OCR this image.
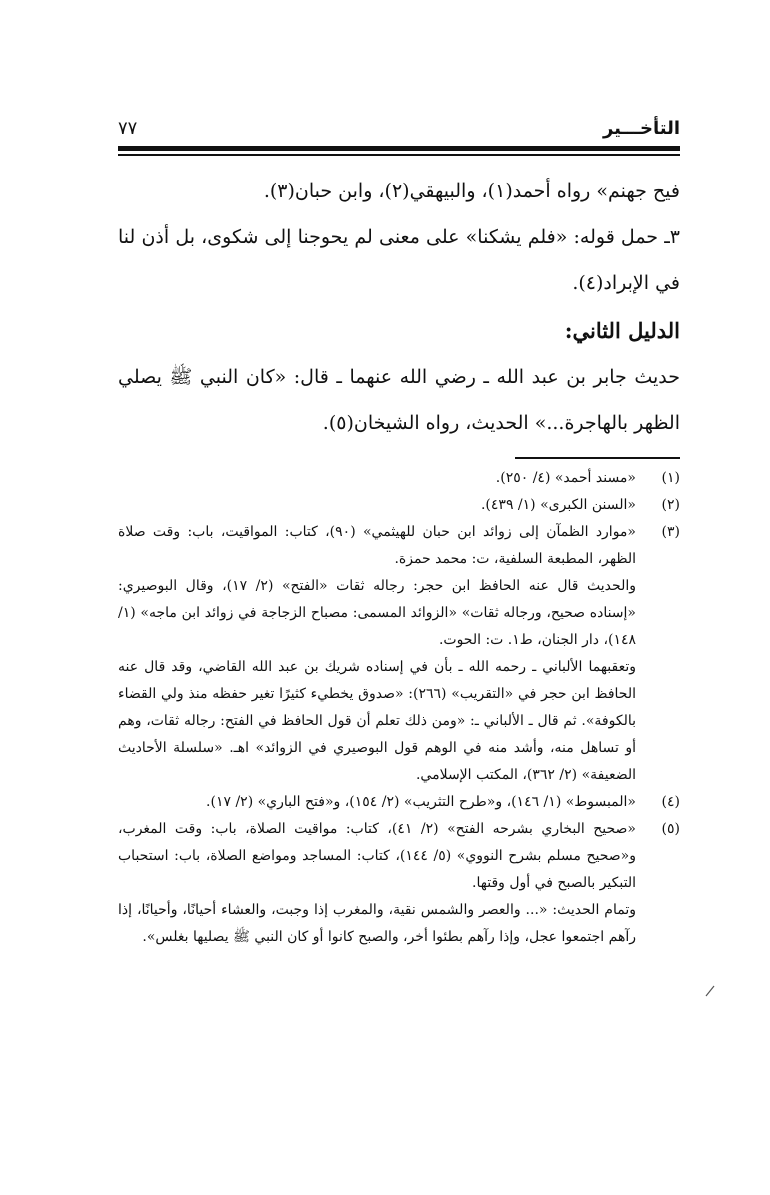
التأخـــير
٧٧

فيح جهنم» رواه أحمد(١)، والبيهقي(٢)، وابن حبان(٣).

٣ـ حمل قوله: «فلم يشكنا» على معنى لم يحوجنا إلى شكوى، بل أذن لنا في الإبراد(٤).

الدليل الثاني:

حديث جابر بن عبد الله ـ رضي الله عنهما ـ قال: «كان النبي ﷺ يصلي الظهر بالهاجرة...» الحديث، رواه الشيخان(٥).

(١)

«مسند أحمد» (٤/ ٢٥٠).

(٢)

«السنن الكبرى» (١/ ٤٣٩).

(٣)

«موارد الظمآن إلى زوائد ابن حبان للهيثمي» (٩٠)، كتاب: المواقيت، باب: وقت صلاة الظهر، المطبعة السلفية، ت: محمد حمزة.

والحديث قال عنه الحافظ ابن حجر: رجاله ثقات «الفتح» (٢/ ١٧)، وقال البوصيري: «إسناده صحيح، ورجاله ثقات» «الزوائد المسمى: مصباح الزجاجة في زوائد ابن ماجه» (١/ ١٤٨)، دار الجنان، ط١. ت: الحوت.

وتعقبهما الألباني ـ رحمه الله ـ بأن في إسناده شريك بن عبد الله القاضي، وقد قال عنه الحافظ ابن حجر في «التقريب» (٢٦٦): «صدوق يخطيء كثيرًا تغير حفظه منذ ولي القضاء بالكوفة». ثم قال ـ الألباني ـ: «ومن ذلك تعلم أن قول الحافظ في الفتح: رجاله ثقات، وهم أو تساهل منه، وأشد منه في الوهم قول البوصيري في الزوائد» اهـ. «سلسلة الأحاديث الضعيفة» (٢/ ٣٦٢)، المكتب الإسلامي.

(٤)

«المبسوط» (١/ ١٤٦)، و«طرح التثريب» (٢/ ١٥٤)، و«فتح الباري» (٢/ ١٧).

(٥)

«صحيح البخاري بشرحه الفتح» (٢/ ٤١)، كتاب: مواقيت الصلاة، باب: وقت المغرب، و«صحيح مسلم بشرح النووي» (٥/ ١٤٤)، كتاب: المساجد ومواضع الصلاة، باب: استحباب التبكير بالصبح في أول وقتها.

وتمام الحديث: «... والعصر والشمس نقية، والمغرب إذا وجبت، والعشاء أحيانًا، وأحيانًا، إذا رآهم اجتمعوا عجل، وإذا رآهم بطئوا أخر، والصبح كانوا أو كان النبي ﷺ يصليها بغلس».
